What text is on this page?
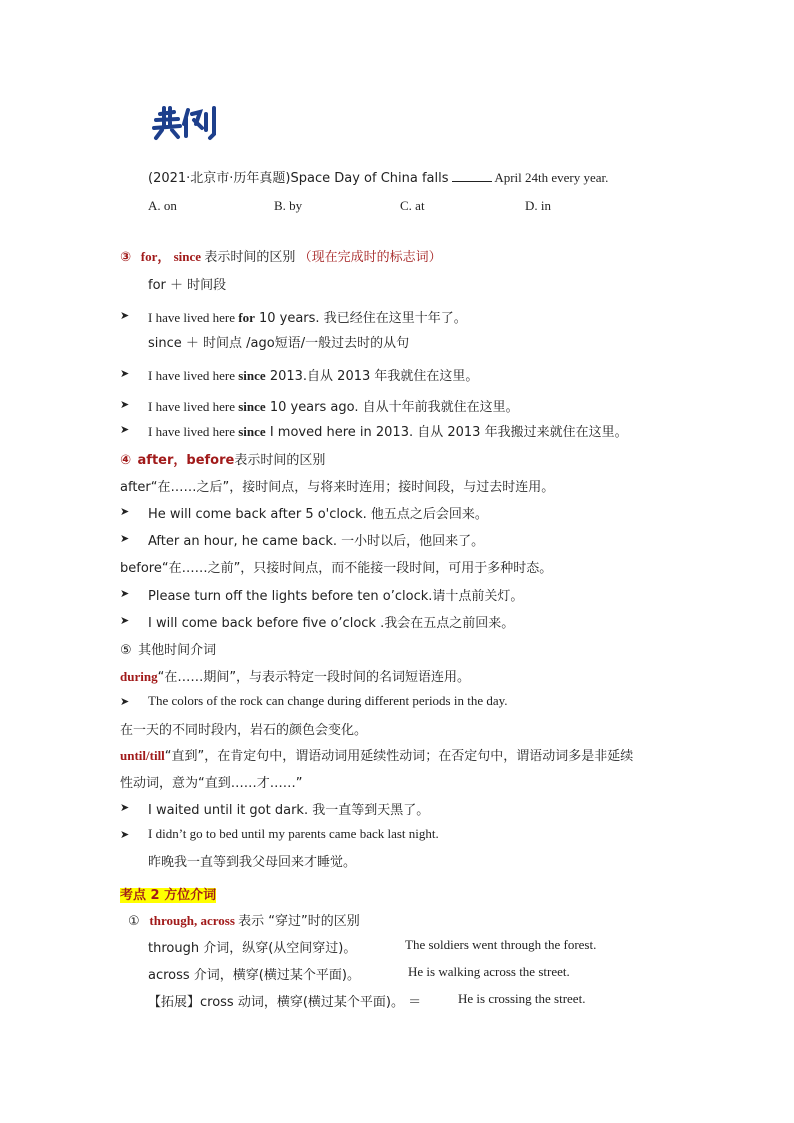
典例
(2021·北京市·历年真题)Space Day of China falls	April 24th every year.
A. on	B. by	C. at	D. in
③ for， since 表示时间的区别 （现在完成时的标志词）
for ＋ 时间段
➤ I have lived here for 10 years. 我已经住在这里十年了。
since ＋ 时间点 /ago短语/一般过去时的从句
➤ I have lived here since 2013.自从 2013 年我就住在这里。
➤ I have lived here since 10 years ago. 自从十年前我就住在这里。
➤ I have lived here since I moved here in 2013. 自从 2013 年我搬过来就住在这里。
④ after，before表示时间的区别
after“在……之后”，接时间点，与将来时连用；接时间段，与过去时连用。
➤ He will come back after 5 o'clock. 他五点之后会回来。
➤ After an hour, he came back. 一小时以后，他回来了。
before“在……之前”，只接时间点，而不能接一段时间，可用于多种时态。
➤ Please turn off the lights before ten o’clock.请十点前关灯。
➤ I will come back before five o’clock .我会在五点之前回来。
⑤ 其他时间介词
during“在……期间”，与表示特定一段时间的名词短语连用。
➤ The colors of the rock can change during different periods in the day.
在一天的不同时段内，岩石的颜色会变化。
until/till“直到”，在肯定句中，谓语动词用延续性动词；在否定句中，谓语动词多是非延续
性动词，意为“直到……才……”
➤ I waited until it got dark. 我一直等到天黑了。
➤ I didn’t go to bed until my parents came back last night.
昨晚我一直等到我父母回来才睡觉。
考点 2 方位介词
① through, across 表示 “穿过”时的区别
through 介词，纵穿(从空间穿过)。	The soldiers went through the forest.
across 介词，横穿(横过某个平面)。	He is walking across the street.
【拓展】cross 动词，横穿(横过某个平面)。 ＝	He is crossing the street.
